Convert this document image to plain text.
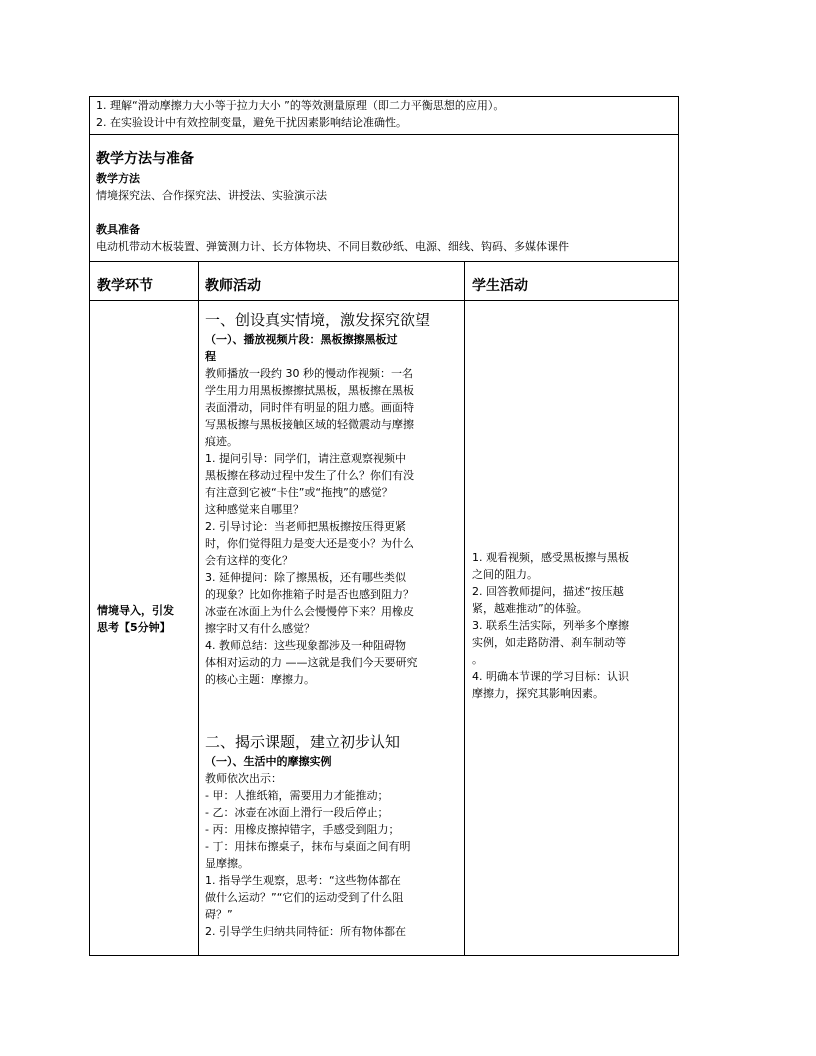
1. 理解“滑动摩擦力大小等于拉力大小 ”的等效测量原理（即二力平衡思想的应用）。
2. 在实验设计中有效控制变量，避免干扰因素影响结论准确性。
教学方法与准备
教学方法
情境探究法、合作探究法、讲授法、实验演示法
教具准备
电动机带动木板装置、弹簧测力计、长方体物块、不同目数砂纸、电源、细线、钩码、多媒体课件
教学环节	教师活动	学生活动
情境导入，引发
思考【5分钟】
一、创设真实情境，激发探究欲望
（一）、播放视频片段：黑板擦擦黑板过
程
教师播放一段约 30 秒的慢动作视频：一名
学生用力用黑板擦擦拭黑板，黑板擦在黑板
表面滑动，同时伴有明显的阻力感。画面特
写黑板擦与黑板接触区域的轻微震动与摩擦
痕迹。
1. 提问引导：同学们，请注意观察视频中
黑板擦在移动过程中发生了什么？你们有没
有注意到它被“卡住”或“拖拽”的感觉？
这种感觉来自哪里？
2. 引导讨论：当老师把黑板擦按压得更紧
时，你们觉得阻力是变大还是变小？为什么
会有这样的变化？
3. 延伸提问：除了擦黑板，还有哪些类似
的现象？比如你推箱子时是否也感到阻力？
冰壶在冰面上为什么会慢慢停下来？用橡皮
擦字时又有什么感觉？
4. 教师总结：这些现象都涉及一种阻碍物
体相对运动的力 ——这就是我们今天要研究
的核心主题：摩擦力。
二、揭示课题，建立初步认知
（一）、生活中的摩擦实例
教师依次出示：
- 甲：人推纸箱，需要用力才能推动；
- 乙：冰壶在冰面上滑行一段后停止；
- 丙：用橡皮擦掉错字，手感受到阻力；
- 丁：用抹布擦桌子，抹布与桌面之间有明
显摩擦。
1. 指导学生观察，思考：“这些物体都在
做什么运动？”“它们的运动受到了什么阻
碍？”
2. 引导学生归纳共同特征：所有物体都在
1. 观看视频，感受黑板擦与黑板
之间的阻力。
2. 回答教师提问，描述“按压越
紧，越难推动”的体验。
3. 联系生活实际，列举多个摩擦
实例，如走路防滑、刹车制动等
。
4. 明确本节课的学习目标：认识
摩擦力，探究其影响因素。
